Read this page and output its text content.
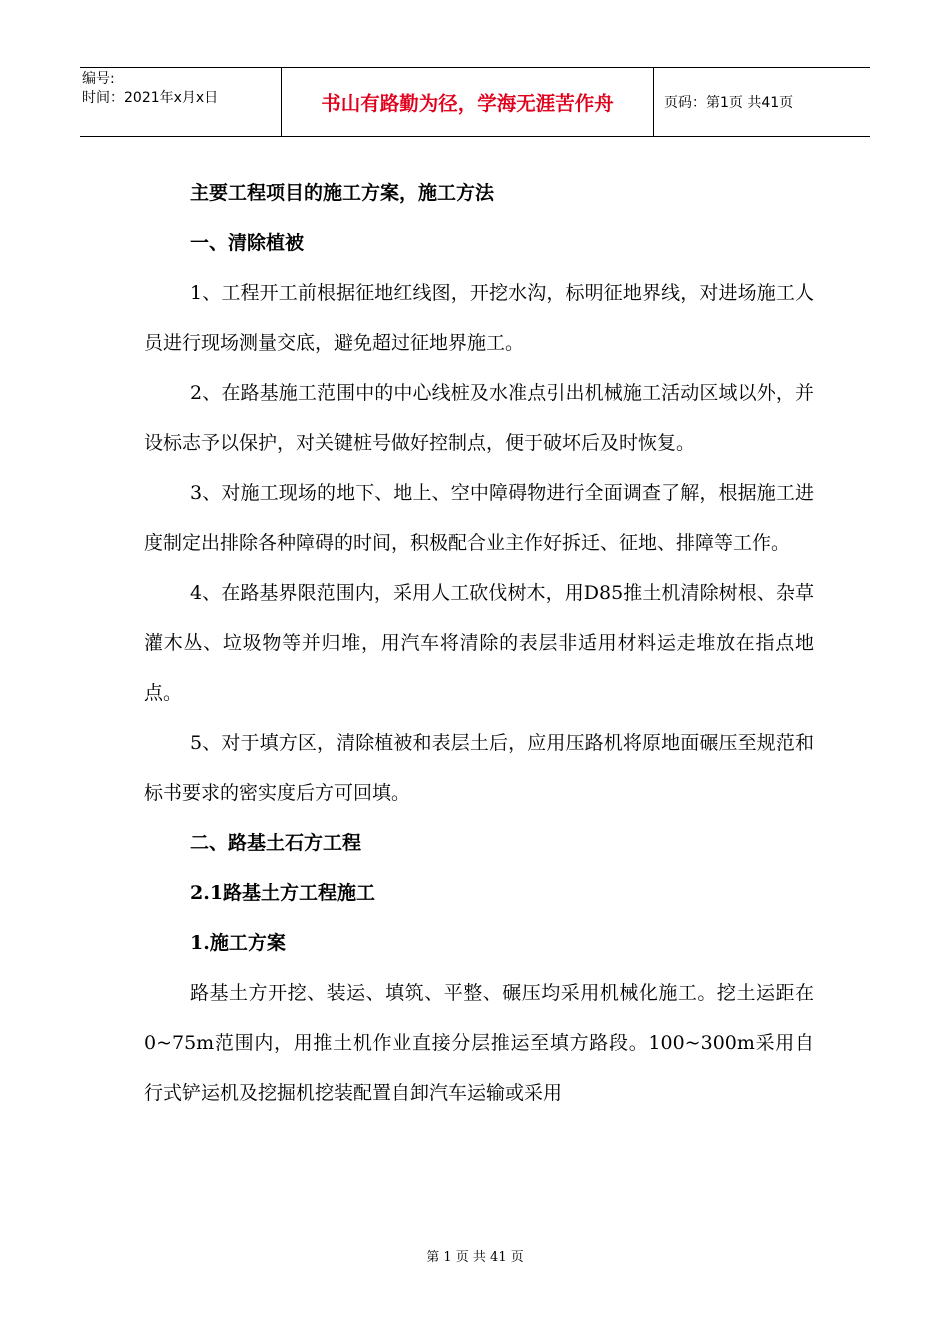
编号:
时间：2021年x月x日	书山有路勤为径，学海无涯苦作舟	页码：第1页 共41页

主要工程项目的施工方案，施工方法

一、清除植被

1、工程开工前根据征地红线图，开挖水沟，标明征地界线，对进场施工人员进行现场测量交底，避免超过征地界施工。

2、在路基施工范围中的中心线桩及水准点引出机械施工活动区域以外，并设标志予以保护，对关键桩号做好控制点，便于破坏后及时恢复。

3、对施工现场的地下、地上、空中障碍物进行全面调查了解，根据施工进度制定出排除各种障碍的时间，积极配合业主作好拆迁、征地、排障等工作。

4、在路基界限范围内，采用人工砍伐树木，用D85推土机清除树根、杂草灌木丛、垃圾物等并归堆，用汽车将清除的表层非适用材料运走堆放在指点地点。

5、对于填方区，清除植被和表层土后，应用压路机将原地面碾压至规范和标书要求的密实度后方可回填。

二、路基土石方工程

2.1路基土方工程施工

1.施工方案

路基土方开挖、装运、填筑、平整、碾压均采用机械化施工。挖土运距在0~75m范围内，用推土机作业直接分层推运至填方路段。100~300m采用自行式铲运机及挖掘机挖装配置自卸汽车运输或采用

第 1 页 共 41 页
